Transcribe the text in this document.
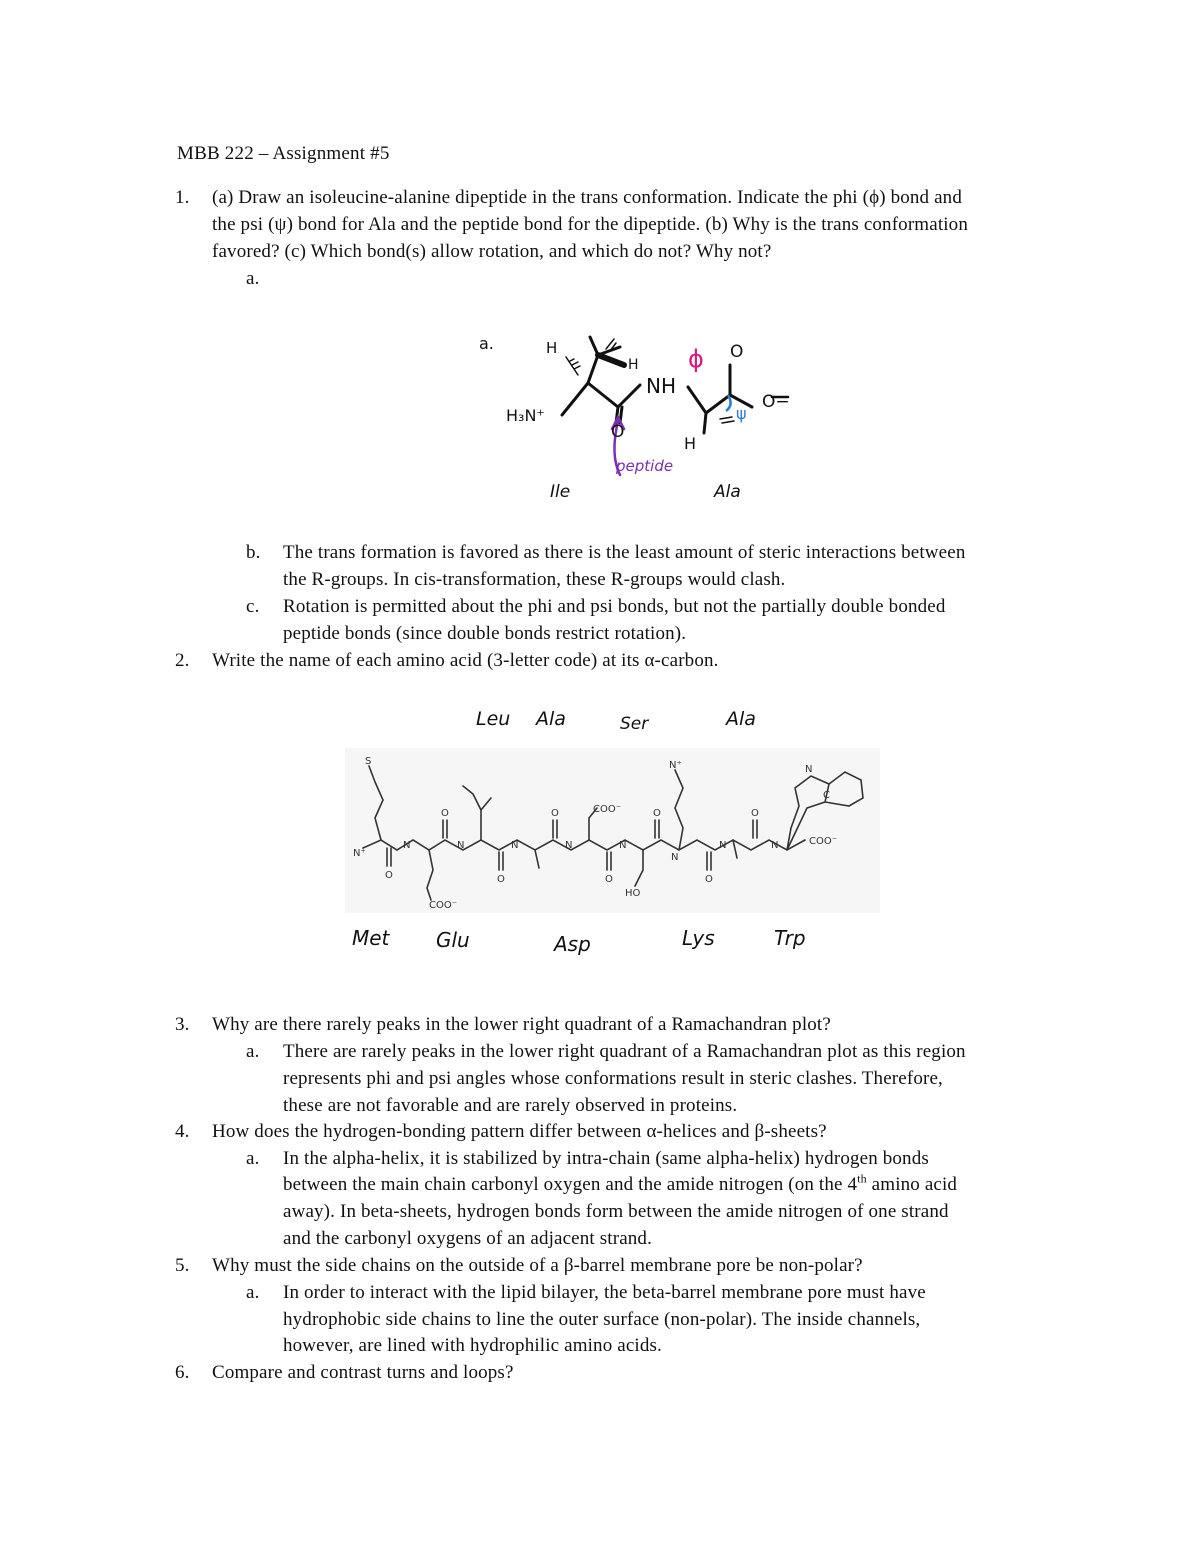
MBB 222 – Assignment #5
1. (a) Draw an isoleucine-alanine dipeptide in the trans conformation. Indicate the phi (ϕ) bond and
the psi (ψ) bond for Ala and the peptide bond for the dipeptide. (b) Why is the trans conformation
favored? (c) Which bond(s) allow rotation, and which do not? Why not?
a.
a.	H
H
NH
H₃N⁺
O
O
O−
H
ϕ
ψ
peptide
Ile	Ala
b. The trans formation is favored as there is the least amount of steric interactions between
the R-groups. In cis-transformation, these R-groups would clash.
c. Rotation is permitted about the phi and psi bonds, but not the partially double bonded
peptide bonds (since double bonds restrict rotation).
2. Write the name of each amino acid (3-letter code) at its α-carbon.
Leu Ala	Ser	Ala
N⁺
S
N
O
O
N
O
N
O
N
COO⁻
O
N
HO
O
N
N⁺
O
N
O
N	COO⁻
N
C
COO⁻
Met Glu	Asp	Lys	Trp
3. Why are there rarely peaks in the lower right quadrant of a Ramachandran plot?
a. There are rarely peaks in the lower right quadrant of a Ramachandran plot as this region
represents phi and psi angles whose conformations result in steric clashes. Therefore,
these are not favorable and are rarely observed in proteins.
4. How does the hydrogen-bonding pattern differ between α-helices and β-sheets?
a. In the alpha-helix, it is stabilized by intra-chain (same alpha-helix) hydrogen bonds
between the main chain carbonyl oxygen and the amide nitrogen (on the 4th amino acid
away). In beta-sheets, hydrogen bonds form between the amide nitrogen of one strand
and the carbonyl oxygens of an adjacent strand.
5. Why must the side chains on the outside of a β-barrel membrane pore be non-polar?
a. In order to interact with the lipid bilayer, the beta-barrel membrane pore must have
hydrophobic side chains to line the outer surface (non-polar). The inside channels,
however, are lined with hydrophilic amino acids.
6. Compare and contrast turns and loops?
